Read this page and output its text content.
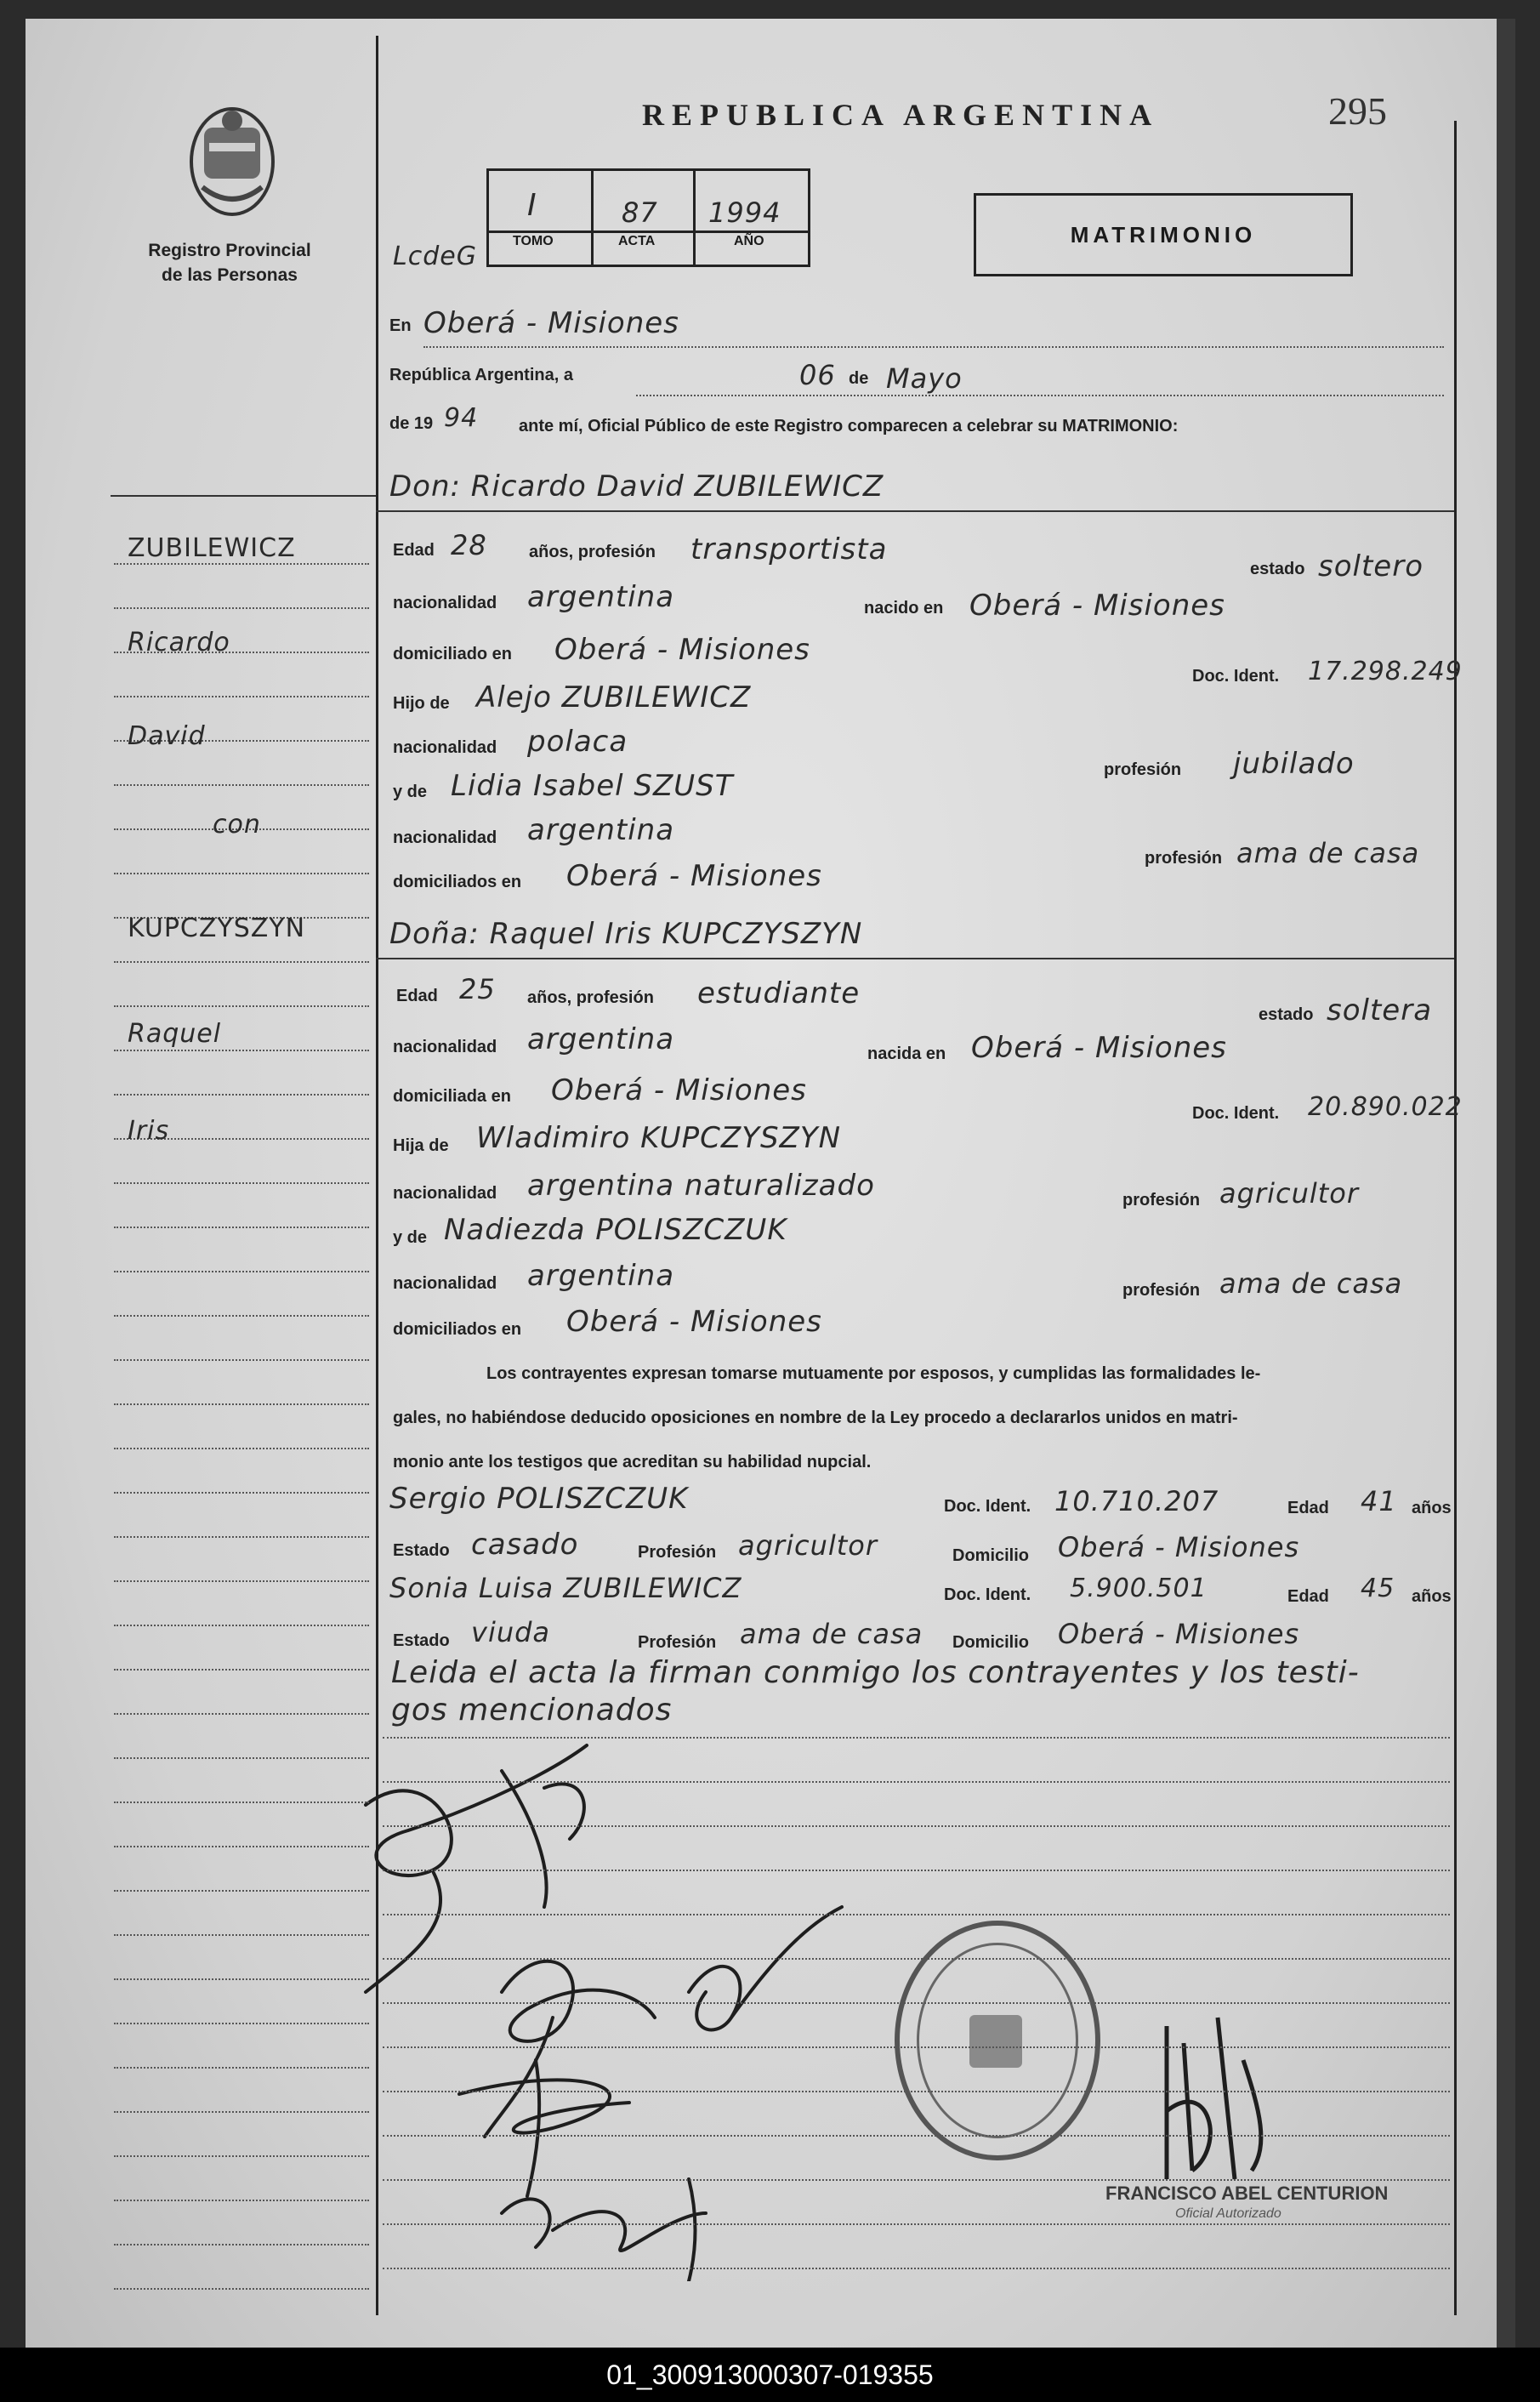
Registro Provincial
de las Personas
REPUBLICA ARGENTINA	295
LcdeG
I
TOMO
87
ACTA
1994
AÑO	MATRIMONIO
En Oberá - Misiones
República Argentina, a	06 de Mayo
de 19 94 ante mí, Oficial Público de este Registro comparecen a celebrar su MATRIMONIO:
Don: Ricardo David ZUBILEWICZ
Edad 28 años, profesión transportista
estado soltero
nacionalidad argentina	nacido en Oberá - Misiones
domiciliado en Oberá - Misiones
Doc. Ident. 17.298.249
Hijo de Alejo ZUBILEWICZ
nacionalidad polaca
profesión jubilado
y de Lidia Isabel SZUST
nacionalidad argentina
profesión ama de casa
domiciliados en Oberá - Misiones
Doña: Raquel Iris KUPCZYSZYN
Edad 25 años, profesión estudiante
estado soltera
nacionalidad argentina	nacida en Oberá - Misiones
domiciliada en Oberá - Misiones
Doc. Ident. 20.890.022
Hija de Wladimiro KUPCZYSZYN
nacionalidad argentina naturalizado	profesión agricultor
y de Nadiezda POLISZCZUK
nacionalidad argentina	profesión ama de casa
domiciliados en Oberá - Misiones
Los contrayentes expresan tomarse mutuamente por esposos, y cumplidas las formalidades le-
gales, no habiéndose deducido oposiciones en nombre de la Ley procedo a declararlos unidos en matri-
monio ante los testigos que acreditan su habilidad nupcial.
Sergio POLISZCZUK	Doc. Ident. 10.710.207	Edad 41 años
Estado casado	Profesión agricultor	Domicilio Oberá - Misiones
Sonia Luisa ZUBILEWICZ	Doc. Ident. 5.900.501	Edad 45 años
Estado viuda	Profesión ama de casa Domicilio Oberá - Misiones
Leida el acta la firman conmigo los contrayentes y los testi-
gos mencionados
FRANCISCO ABEL CENTURION
Oficial Autorizado
ZUBILEWICZ
Ricardo
David
con
KUPCZYSZYN
Raquel
Iris
01_300913000307-019355
